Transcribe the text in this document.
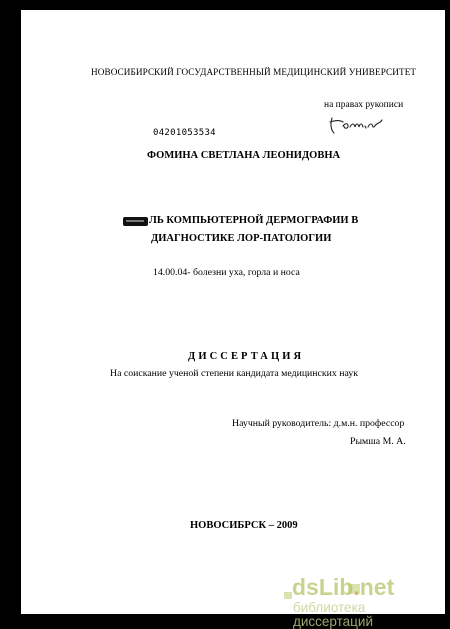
НОВОСИБИРСКИЙ ГОСУДАРСТВЕННЫЙ МЕДИЦИНСКИЙ УНИВЕРСИТЕТ
на правах рукописи
04201053534
ФОМИНА СВЕТЛАНА ЛЕОНИДОВНА
ЛЬ КОМПЬЮТЕРНОЙ ДЕРМОГРАФИИ В
ДИАГНОСТИКЕ ЛОР-ПАТОЛОГИИ
14.00.04- болезни уха, горла и носа
ДИССЕРТАЦИЯ
На соискание ученой степени кандидата медицинских наук
Научный руководитель: д.м.н. профессор
Рымша М. А.
НОВОСИБРСК – 2009
dsLib.net
библиотека диссертаций
